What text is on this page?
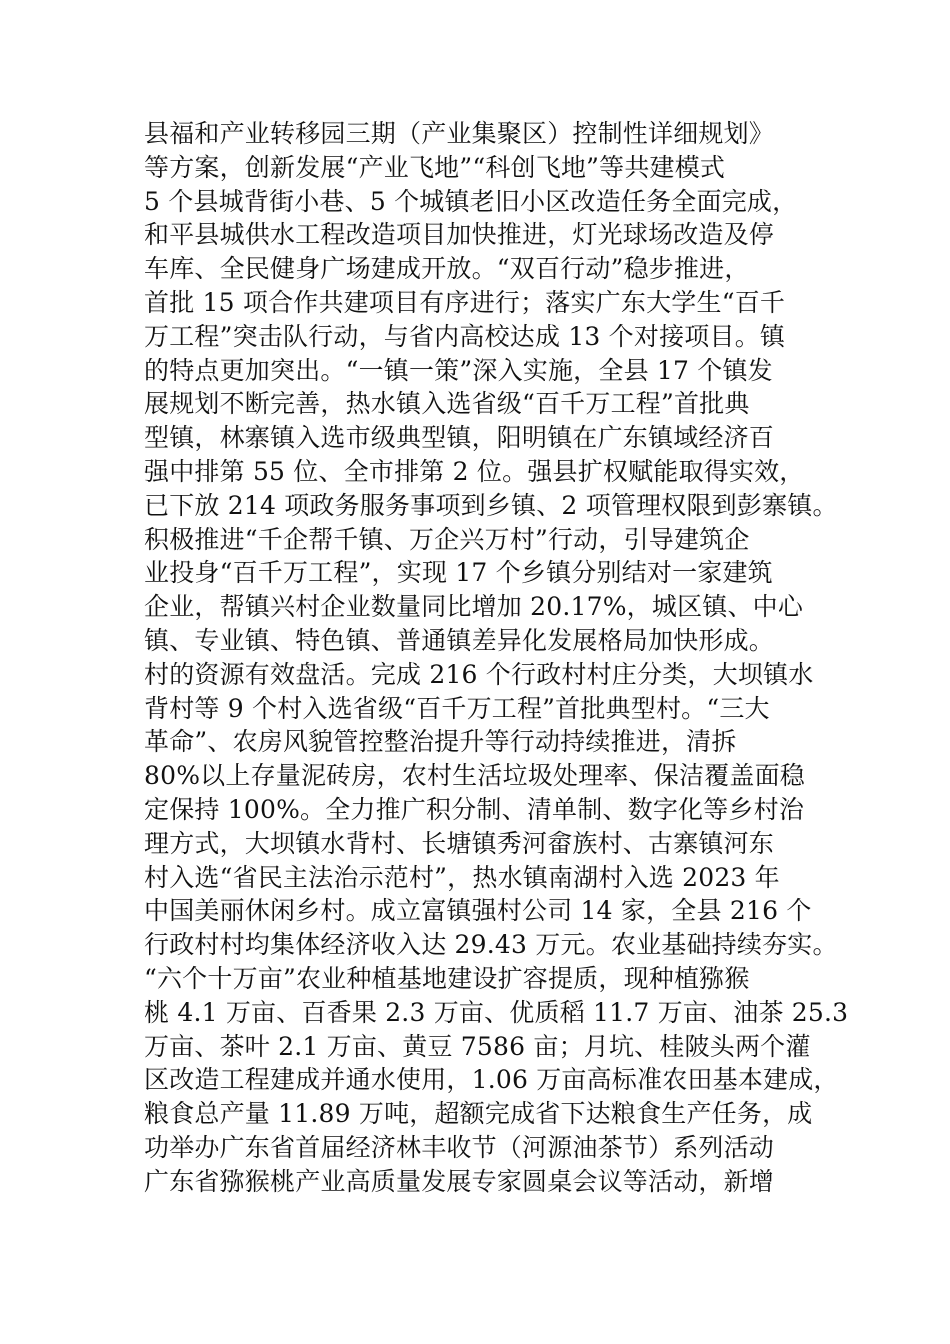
县福和产业转移园三期（产业集聚区）控制性详细规划》
等方案，创新发展“产业飞地”“科创飞地”等共建模式
5 个县城背街小巷、5 个城镇老旧小区改造任务全面完成，
和平县城供水工程改造项目加快推进，灯光球场改造及停
车库、全民健身广场建成开放。“双百行动”稳步推进，
首批 15 项合作共建项目有序进行；落实广东大学生“百千
万工程”突击队行动，与省内高校达成 13 个对接项目。镇
的特点更加突出。“一镇一策”深入实施，全县 17 个镇发
展规划不断完善，热水镇入选省级“百千万工程”首批典
型镇，林寨镇入选市级典型镇，阳明镇在广东镇域经济百
强中排第 55 位、全市排第 2 位。强县扩权赋能取得实效，
已下放 214 项政务服务事项到乡镇、2 项管理权限到彭寨镇。
积极推进“千企帮千镇、万企兴万村”行动，引导建筑企
业投身“百千万工程”，实现 17 个乡镇分别结对一家建筑
企业，帮镇兴村企业数量同比增加 20.17%，城区镇、中心
镇、专业镇、特色镇、普通镇差异化发展格局加快形成。
村的资源有效盘活。完成 216 个行政村村庄分类，大坝镇水
背村等 9 个村入选省级“百千万工程”首批典型村。“三大
革命”、农房风貌管控整治提升等行动持续推进，清拆
80%以上存量泥砖房，农村生活垃圾处理率、保洁覆盖面稳
定保持 100%。全力推广积分制、清单制、数字化等乡村治
理方式，大坝镇水背村、长塘镇秀河畲族村、古寨镇河东
村入选“省民主法治示范村”，热水镇南湖村入选 2023 年
中国美丽休闲乡村。成立富镇强村公司 14 家，全县 216 个
行政村村均集体经济收入达 29.43 万元。农业基础持续夯实。
“六个十万亩”农业种植基地建设扩容提质，现种植猕猴
桃 4.1 万亩、百香果 2.3 万亩、优质稻 11.7 万亩、油茶 25.3
万亩、茶叶 2.1 万亩、黄豆 7586 亩；月坑、桂陂头两个灌
区改造工程建成并通水使用，1.06 万亩高标准农田基本建成，
粮食总产量 11.89 万吨，超额完成省下达粮食生产任务，成
功举办广东省首届经济林丰收节（河源油茶节）系列活动
广东省猕猴桃产业高质量发展专家圆桌会议等活动，新增
